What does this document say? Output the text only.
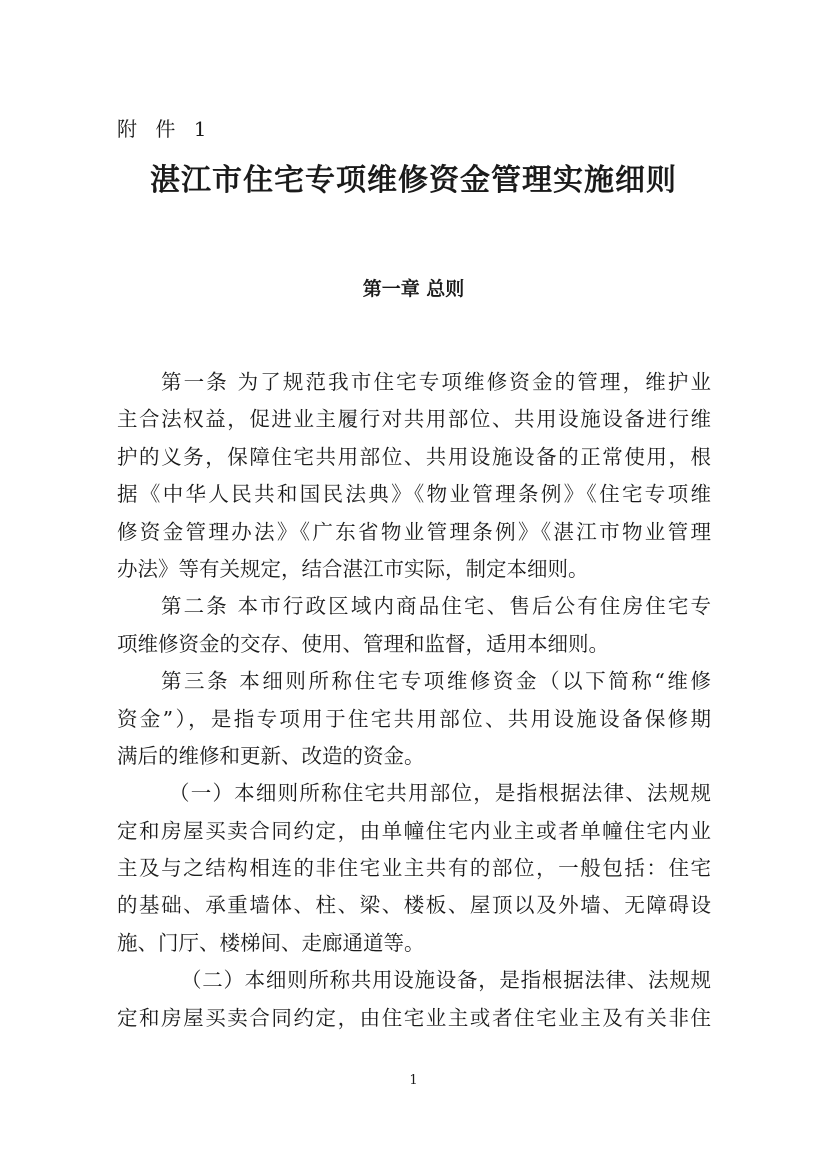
附 件 1
湛江市住宅专项维修资金管理实施细则
第一章 总则
第一条 为了规范我市住宅专项维修资金的管理，维护业
主合法权益，促进业主履行对共用部位、共用设施设备进行维
护的义务，保障住宅共用部位、共用设施设备的正常使用，根
据《中华人民共和国民法典》《物业管理条例》《住宅专项维
修资金管理办法》《广东省物业管理条例》《湛江市物业管理
办法》等有关规定，结合湛江市实际，制定本细则。
第二条 本市行政区域内商品住宅、售后公有住房住宅专
项维修资金的交存、使用、管理和监督，适用本细则。
第三条 本细则所称住宅专项维修资金（以下简称“维修
资金”），是指专项用于住宅共用部位、共用设施设备保修期
满后的维修和更新、改造的资金。
（一）本细则所称住宅共用部位，是指根据法律、法规规
定和房屋买卖合同约定，由单幢住宅内业主或者单幢住宅内业
主及与之结构相连的非住宅业主共有的部位，一般包括：住宅
的基础、承重墙体、柱、梁、楼板、屋顶以及外墙、无障碍设
施、门厅、楼梯间、走廊通道等。
（二）本细则所称共用设施设备，是指根据法律、法规规
定和房屋买卖合同约定，由住宅业主或者住宅业主及有关非住
1
